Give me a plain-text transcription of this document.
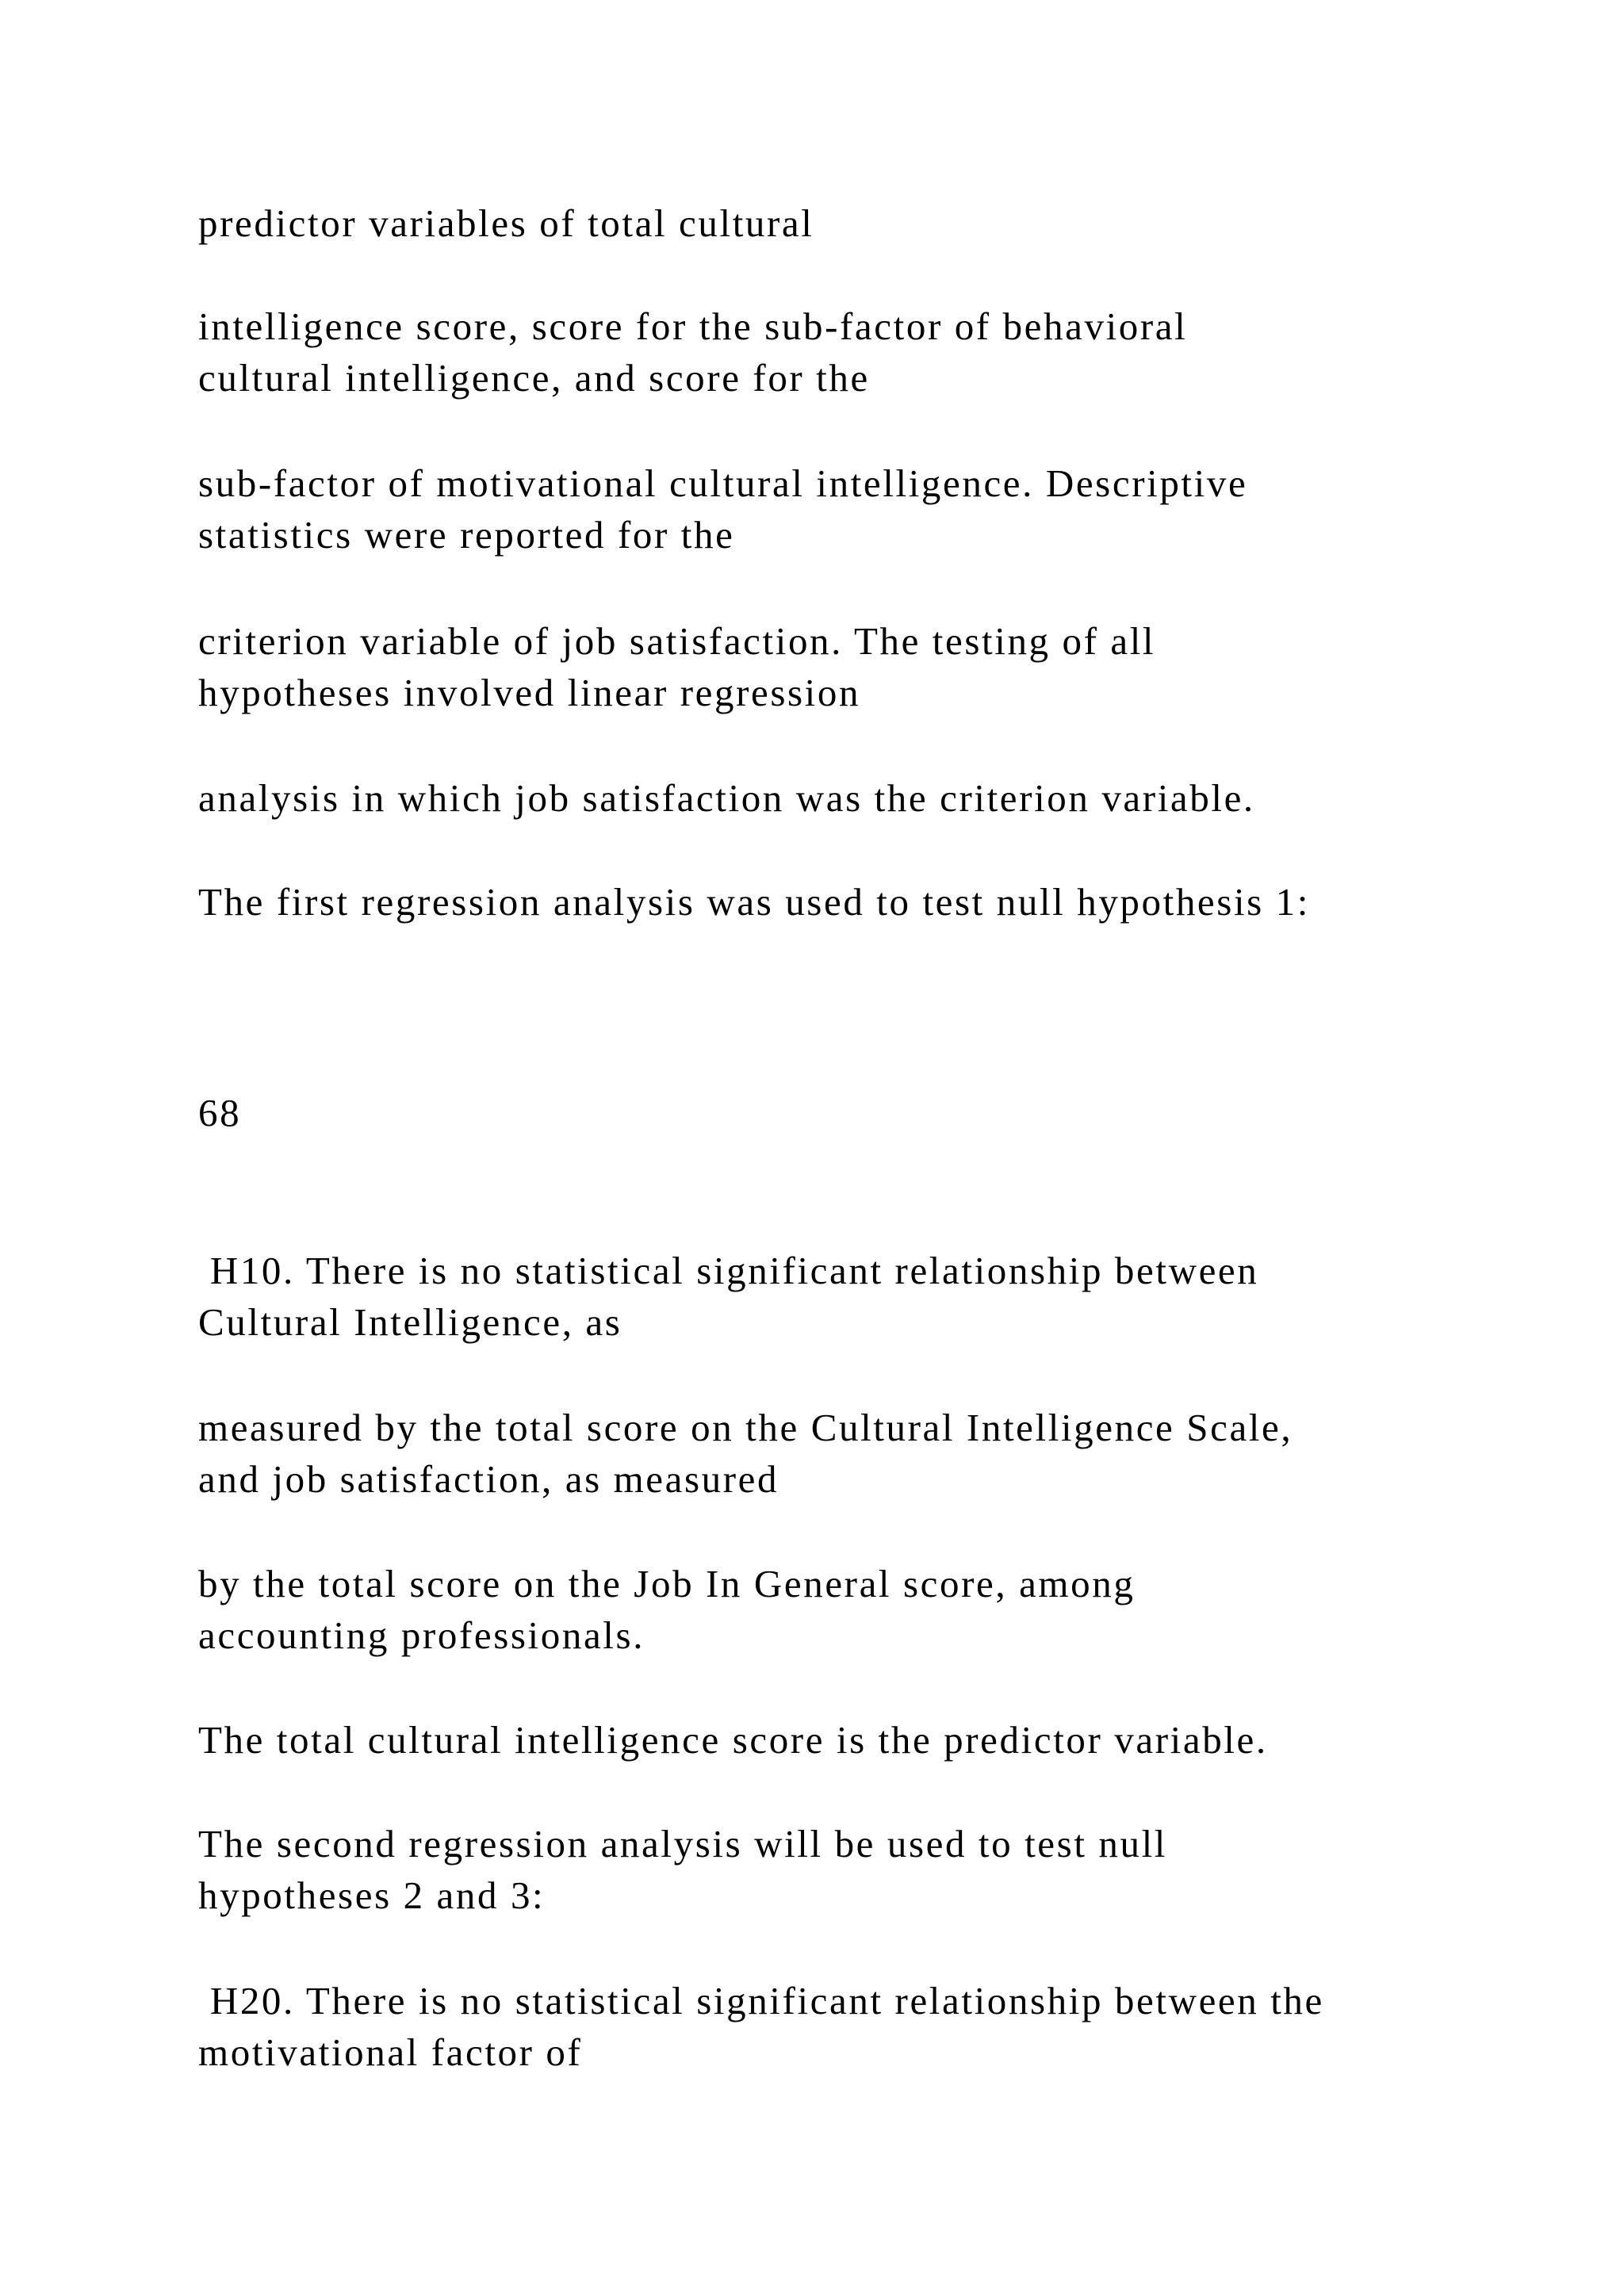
predictor variables of total cultural

intelligence score, score for the sub-factor of behavioral

cultural intelligence, and score for the

sub-factor of motivational cultural intelligence. Descriptive

statistics were reported for the

criterion variable of job satisfaction. The testing of all

hypotheses involved linear regression

analysis in which job satisfaction was the criterion variable.

The first regression analysis was used to test null hypothesis 1:

68

H10. There is no statistical significant relationship between

Cultural Intelligence, as

measured by the total score on the Cultural Intelligence Scale,

and job satisfaction, as measured

by the total score on the Job In General score, among

accounting professionals.

The total cultural intelligence score is the predictor variable.

The second regression analysis will be used to test null

hypotheses 2 and 3:

H20. There is no statistical significant relationship between the

motivational factor of
